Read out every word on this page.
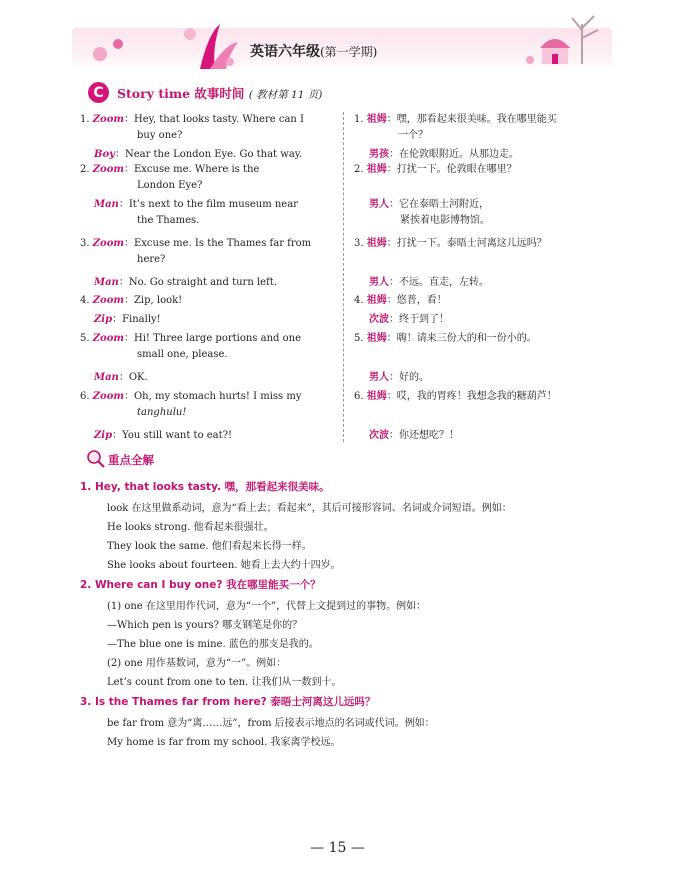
英语六年级(第一学期)
C	Story time 故事时间 ( 教材第 11 页)
1. Zoom：Hey, that looks tasty. Where can I
buy one?
Boy：Near the London Eye. Go that way.
2. Zoom：Excuse me. Where is the
London Eye?
Man：It’s next to the film museum near
the Thames.
3. Zoom：Excuse me. Is the Thames far from
here?
Man：No. Go straight and turn left.
4. Zoom：Zip, look!
Zip：Finally!
5. Zoom：Hi! Three large portions and one
small one, please.
Man：OK.
6. Zoom：Oh, my stomach hurts! I miss my
tanghulu!
Zip：You still want to eat?!
1. 祖姆：嘿，那看起来很美味。我在哪里能买
一个？
男孩：在伦敦眼附近。从那边走。
2. 祖姆：打扰一下。伦敦眼在哪里？
男人：它在泰晤士河附近，
紧挨着电影博物馆。
3. 祖姆：打扰一下。泰晤士河离这儿远吗？
男人：不远。直走，左转。
4. 祖姆：悠普，看！
次波：终于到了！
5. 祖姆：嗨！请来三份大的和一份小的。
男人：好的。
6. 祖姆：哎，我的胃疼！我想念我的糖葫芦！
次波：你还想吃？！
重点全解
1. Hey, that looks tasty. 嘿，那看起来很美味。
look 在这里做系动词，意为“看上去；看起来”，其后可接形容词、名词或介词短语。例如：
He looks strong. 他看起来很强壮。
They look the same. 他们看起来长得一样。
She looks about fourteen. 她看上去大约十四岁。
2. Where can I buy one? 我在哪里能买一个？
(1) one 在这里用作代词，意为“一个”，代替上文提到过的事物。例如：
—Which pen is yours? 哪支钢笔是你的？
—The blue one is mine. 蓝色的那支是我的。
(2) one 用作基数词，意为“一”。例如：
Let’s count from one to ten. 让我们从一数到十。
3. Is the Thames far from here? 泰晤士河离这儿远吗？
be far from 意为“离……远”，from 后接表示地点的名词或代词。例如：
My home is far from my school. 我家离学校远。
— 15 —
